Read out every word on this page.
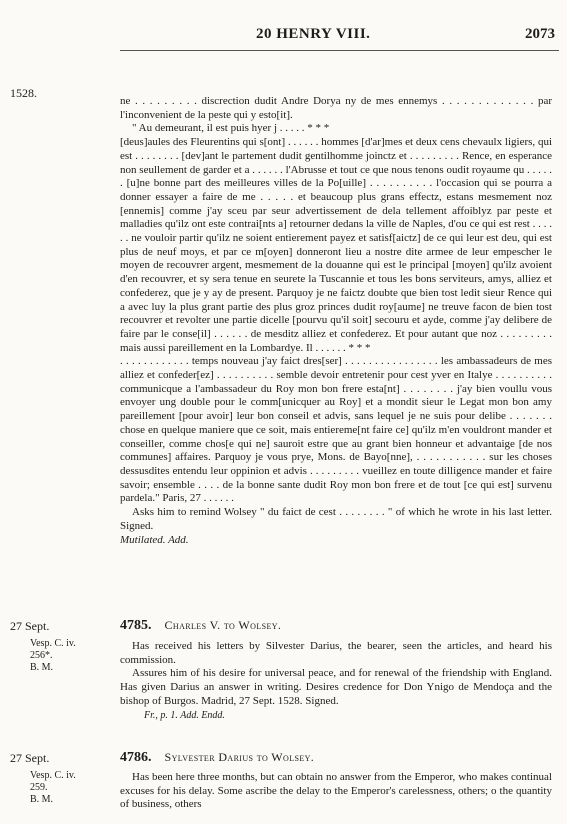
20 HENRY VIII.	2073
1528.

ne . . . . . . . . . discrection dudit Andre Dorya ny de mes ennemys . . . . . . . . . . . . . par l'inconvenient de la peste qui y esto[it].

" Au demeurant, il est puis hyer j . . . . . * * *

[deus]aules des Fleurentins qui s[ont] . . . . . . hommes [d'ar]mes et deux cens chevaulx ligiers, qui est . . . . . . . . [dev]ant le partement dudit gentilhomme joinctz et . . . . . . . . . Rence, en esperance non seullement de garder et a . . . . . . l'Abrusse et tout ce que nous tenons oudit royaume qu . . . . . . [u]ne bonne part des meilleures villes de la Po[uille] . . . . . . . . . . l'occasion qui se pourra a donner essayer a faire de me . . . . . et beaucoup plus grans effectz, estans mesmement noz [ennemis] comme j'ay sceu par seur advertissement de dela tellement affoiblyz par peste et malladies qu'ilz ont este contrai[nts a] retourner dedans la ville de Naples, d'ou ce qui est rest . . . . . . ne vouloir partir qu'ilz ne soient entierement payez et satisf[aictz] de ce qui leur est deu, qui est plus de neuf moys, et par ce m[oyen] donneront lieu a nostre dite armee de leur empescher le moyen de recouvrer argent, mesmement de la douanne qui est le principal [moyen] qu'ilz avoient d'en recouvrer, et sy sera tenue en seurete la Tuscannie et tous les bons serviteurs, amys, alliez et confederez, que je y ay de present. Parquoy je ne faictz doubte que bien tost ledit sieur Rence qui a avec luy la plus grant partie des plus groz princes dudit roy[aume] ne treuve facon de bien tost recouvrer et revolter une partie dicelle [pourvu qu'il soit] secouru et ayde, comme j'ay delibere de faire par le conse[il] . . . . . . de mesditz alliez et confederez. Et pour autant que noz . . . . . . . . . mais aussi pareillement en la Lombardye. Il . . . . . . * * *

. . . . . . . . . . . . temps nouveau j'ay faict dres[ser] . . . . . . . . . . . . . . . . les ambassadeurs de mes alliez et confeder[ez] . . . . . . . . . . semble devoir entretenir pour cest yver en Italye . . . . . . . . . . communicque a l'ambassadeur du Roy mon bon frere esta[nt] . . . . . . . . j'ay bien voullu vous envoyer ung double pour le comm[unicquer au Roy] et a mondit sieur le Legat mon bon amy pareillement [pour avoir] leur bon conseil et advis, sans lequel je ne suis pour delibe . . . . . . . chose en quelque maniere que ce soit, mais entiereme[nt faire ce] qu'ilz m'en vouldront mander et conseiller, comme chos[e qui ne] sauroit estre que au grant bien honneur et advantaige [de nos communes] affaires. Parquoy je vous prye, Mons. de Bayo[nne], . . . . . . . . . . . sur les choses dessusdites entendu leur oppinion et advis . . . . . . . . . vueillez en toute dilligence mander et faire savoir; ensemble . . . . de la bonne sante dudit Roy mon bon frere et de tout [ce qui est] survenu pardela." Paris, 27 . . . . . .

Asks him to remind Wolsey " du faict de cest . . . . . . . . " of which he wrote in his last letter. Signed.

Mutilated. Add.

27 Sept.
Vesp. C. iv.
256*.
B. M.
4785. Charles V. to Wolsey.

Has received his letters by Silvester Darius, the bearer, seen the articles, and heard his commission.

Assures him of his desire for universal peace, and for renewal of the friendship with England. Has given Darius an answer in writing. Desires credence for Don Ynigo de Mendoça and the bishop of Burgos. Madrid, 27 Sept. 1528. Signed.

Fr., p. 1. Add. Endd.

27 Sept.
Vesp. C. iv.
259.
B. M.
4786. Sylvester Darius to Wolsey.

Has been here three months, but can obtain no answer from the Emperor, who makes continual excuses for his delay. Some ascribe the delay to the Emperor's carelessness, others; o the quantity of business, others
